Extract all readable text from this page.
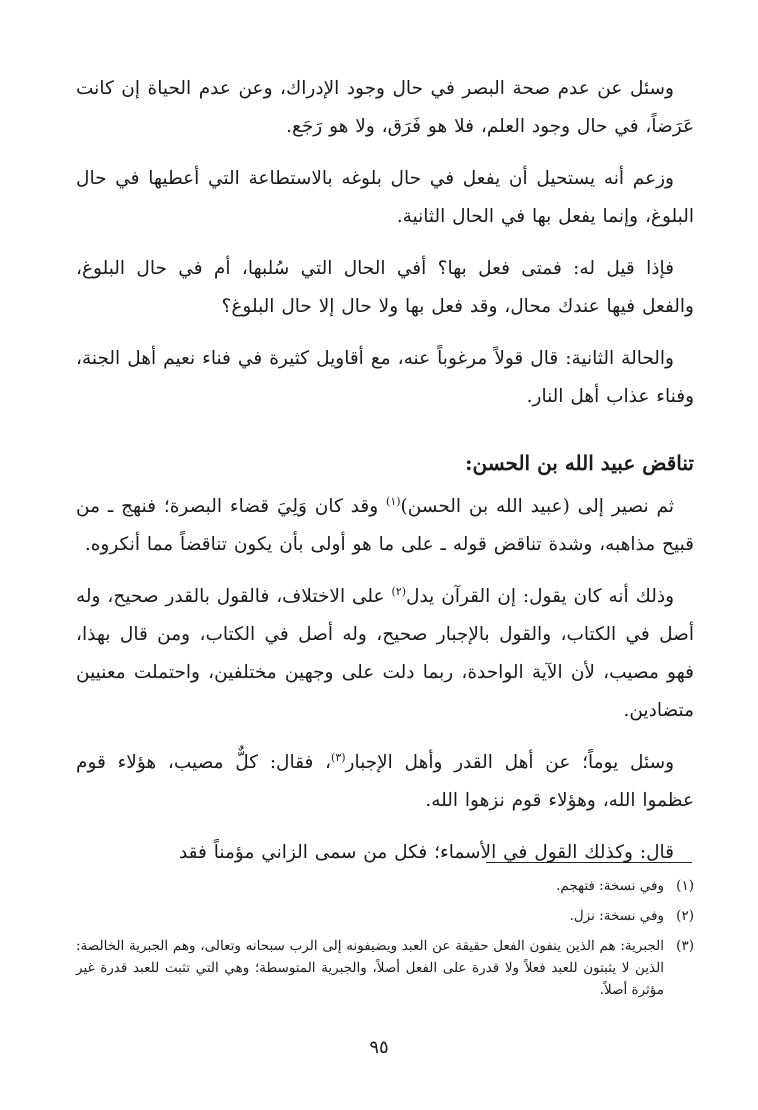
وسئل عن عدم صحة البصر في حال وجود الإدراك، وعن عدم الحياة إن كانت عَرَضاً، في حال وجود العلم، فلا هو فَرَق، ولا هو رَجَع.

وزعم أنه يستحيل أن يفعل في حال بلوغه بالاستطاعة التي أعطيها في حال البلوغ، وإنما يفعل بها في الحال الثانية.

فإذا قيل له: فمتى فعل بها؟ أفي الحال التي سُلبها، أم في حال البلوغ، والفعل فيها عندك محال، وقد فعل بها ولا حال إلا حال البلوغ؟

والحالة الثانية: قال قولاً مرغوباً عنه، مع أقاويل كثيرة في فناء نعيم أهل الجنة، وفناء عذاب أهل النار.

تناقض عبيد الله بن الحسن:

ثم نصير إلى (عبيد الله بن الحسن)$^{(١)}$ وقد كان وَلِيَ قضاء البصرة؛ فنهج ـ من قبيح مذاهبه، وشدة تناقض قوله ـ على ما هو أولى بأن يكون تناقضاً مما أنكروه.

وذلك أنه كان يقول: إن القرآن يدل$^{(٢)}$ على الاختلاف، فالقول بالقدر صحيح، وله أصل في الكتاب، والقول بالإجبار صحيح، وله أصل في الكتاب، ومن قال بهذا، فهو مصيب، لأن الآية الواحدة، ربما دلت على وجهين مختلفين، واحتملت معنيين متضادين.

وسئل يوماً؛ عن أهل القدر وأهل الإجبار$^{(٣)}$، فقال: كلٌّ مصيب، هؤلاء قوم عظموا الله، وهؤلاء قوم نزهوا الله.

قال: وكذلك القول في الأسماء؛ فكل من سمى الزاني مؤمناً فقد

(١)
وفي نسخة: فتهجم.
(٢)
وفي نسخة: نزل.
(٣)
الجبرية: هم الذين ينفون الفعل حقيقة عن العبد ويضيفونه إلى الرب سبحانه وتعالى، وهم الجبرية الخالصة: الذين لا يثبتون للعبد فعلاً ولا قدرة على الفعل أصلاً، والجبرية المتوسطة؛ وهي التي تثبت للعبد قدرة غير مؤثرة أصلاً.
٩٥
